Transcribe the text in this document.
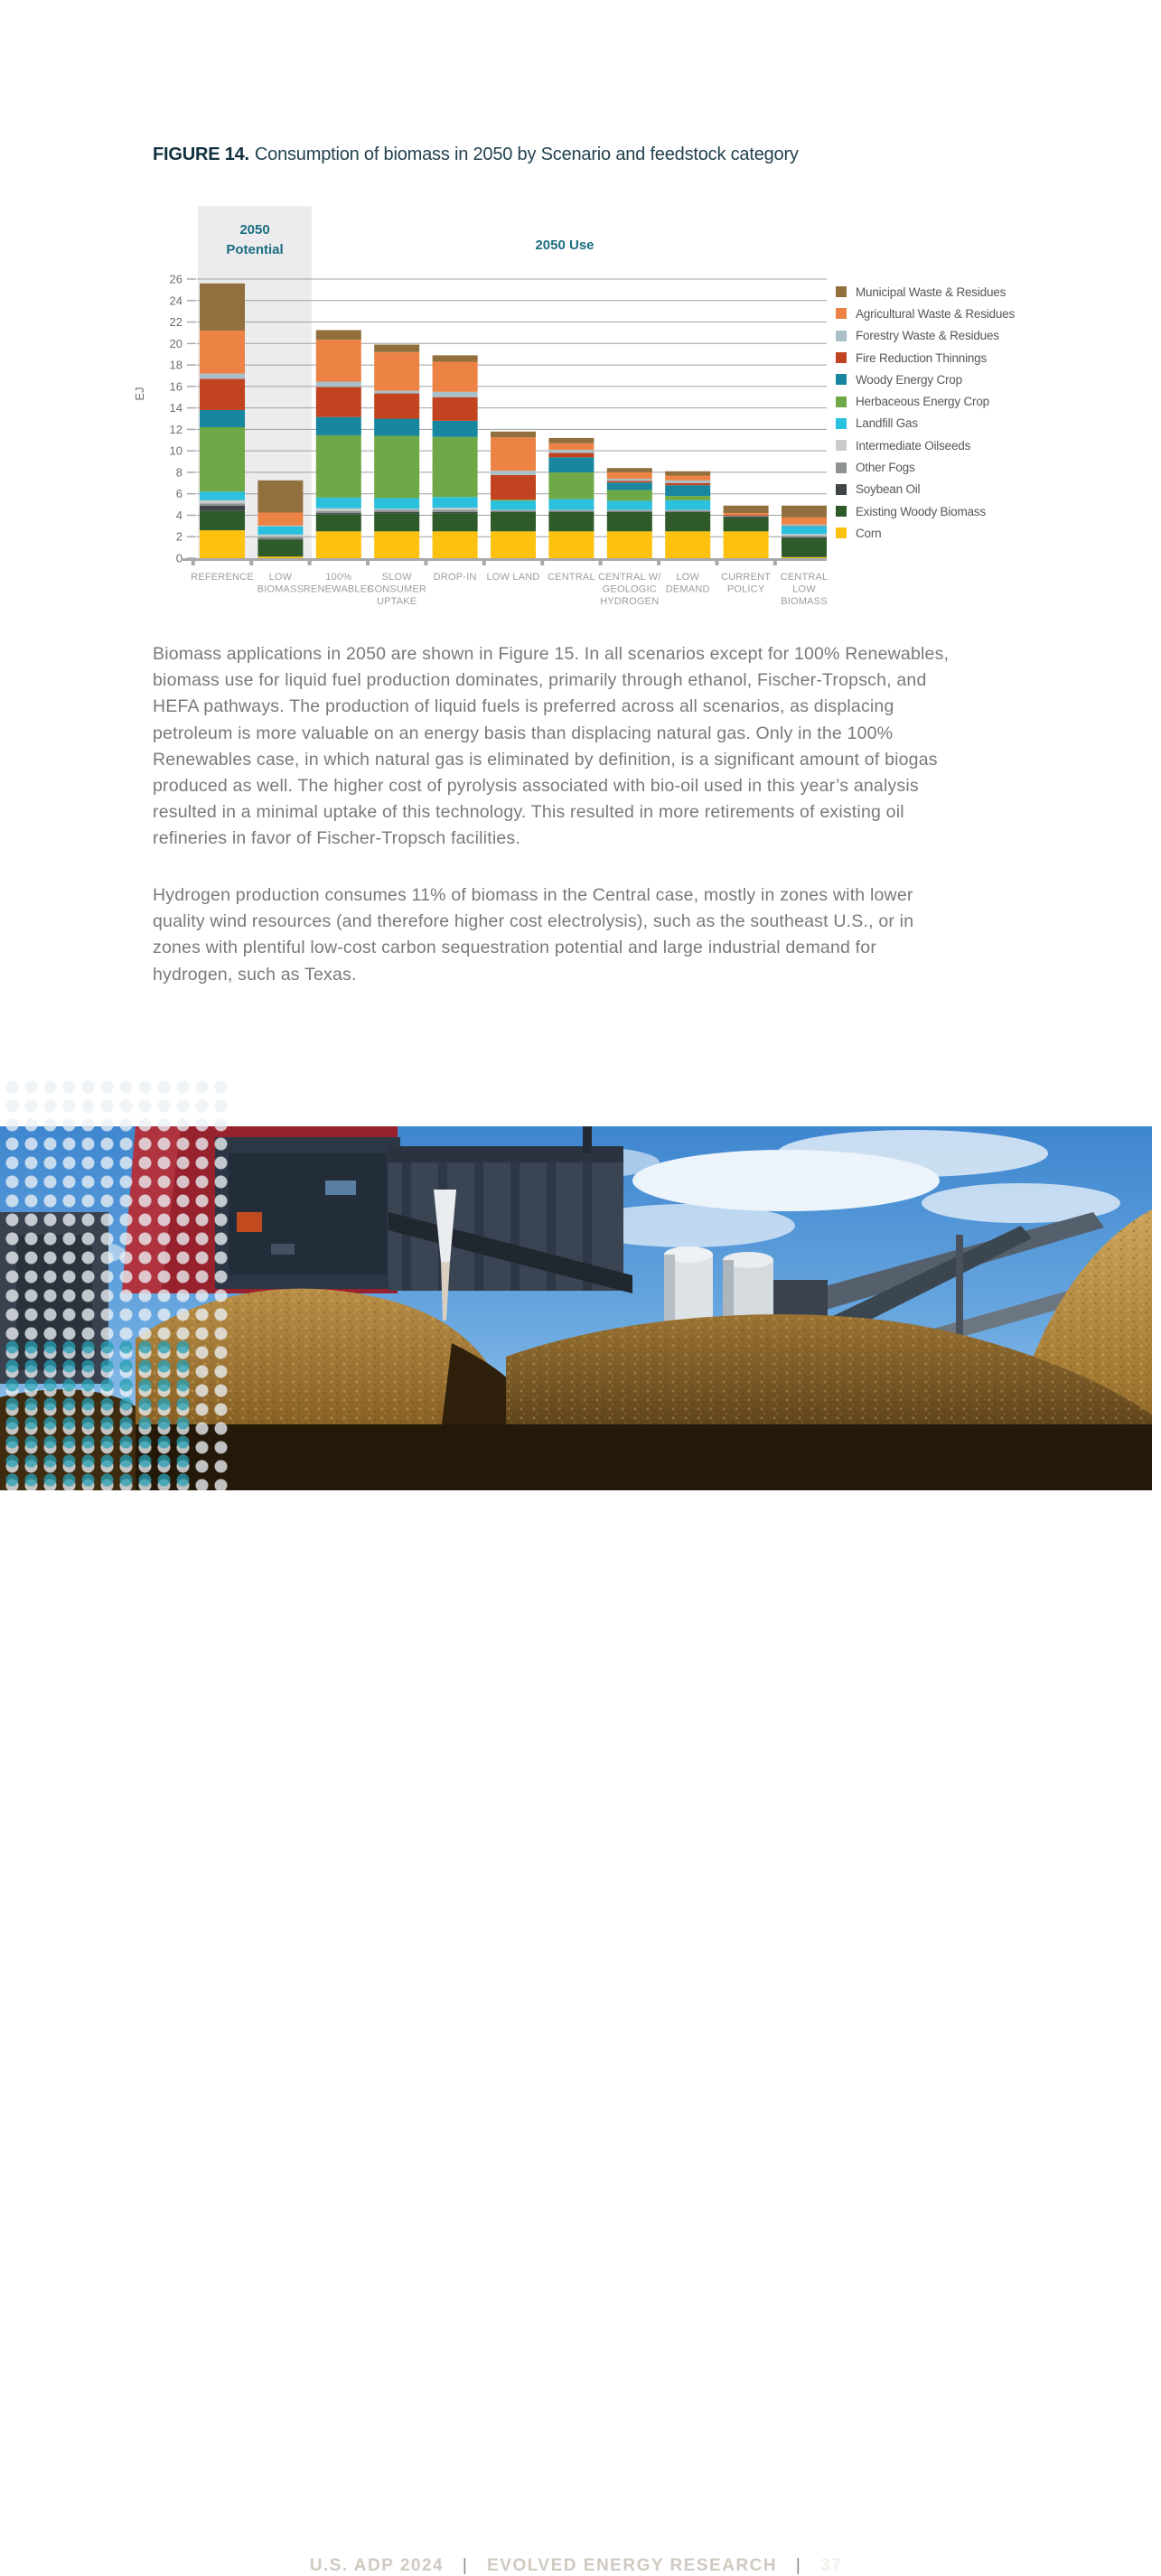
FIGURE 14. Consumption of biomass in 2050 by Scenario and feedstock category
2050
Potential	2050 Use
0
2
4
6
8
10
12
14
16
18
20
22
24
26
EJ
REFERENCE LOW
BIOMASS
100%
RENEWABLES
SLOW
CONSUMER
UPTAKE
DROP-IN LOW LAND CENTRAL CENTRAL W/
GEOLOGIC
HYDROGEN
LOW
DEMAND
CURRENT
POLICY
CENTRAL
LOW
BIOMASS
Municipal Waste & Residues
Agricultural Waste & Residues
Forestry Waste & Residues
Fire Reduction Thinnings
Woody Energy Crop
Herbaceous Energy Crop
Landfill Gas
Intermediate Oilseeds
Other Fogs
Soybean Oil
Existing Woody Biomass
Corn

Biomass applications in 2050 are shown in Figure 15. In all scenarios except for 100% Renewables, biomass use for liquid fuel production dominates, primarily through ethanol, Fischer-Tropsch, and HEFA pathways. The production of liquid fuels is preferred across all scenarios, as displacing petroleum is more valuable on an energy basis than displacing natural gas. Only in the 100% Renewables case, in which natural gas is eliminated by definition, is a significant amount of biogas produced as well. The higher cost of pyrolysis associated with bio-oil used in this year’s analysis resulted in a minimal uptake of this technology. This resulted in more retirements of existing oil refineries in favor of Fischer-Tropsch facilities.

Hydrogen production consumes 11% of biomass in the Central case, mostly in zones with lower quality wind resources (and therefore higher cost electrolysis), such as the southeast U.S., or in zones with plentiful low-cost carbon sequestration potential and large industrial demand for hydrogen, such as Texas.

U.S. ADP 2024 | EVOLVED ENERGY RESEARCH | 37
